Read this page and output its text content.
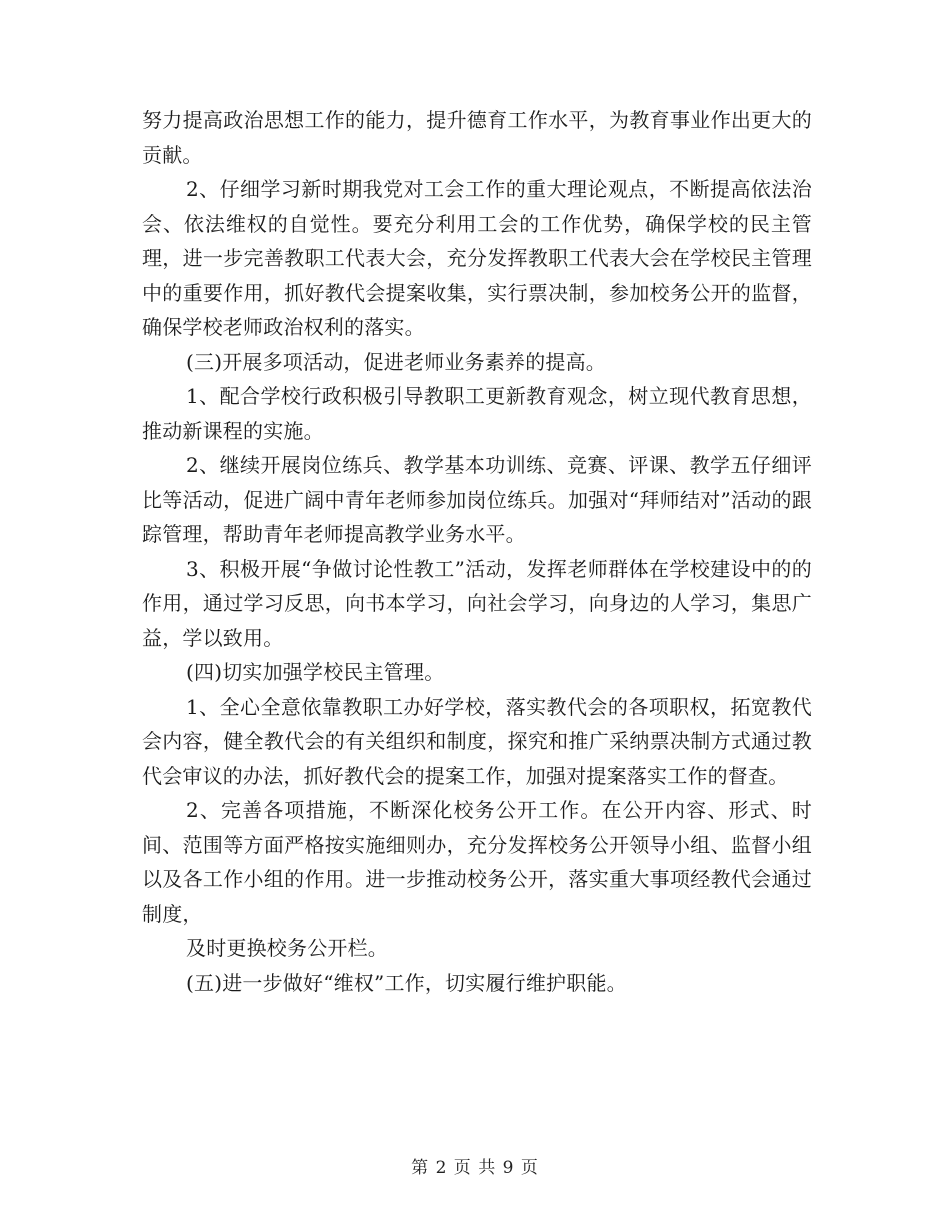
努力提高政治思想工作的能力，提升德育工作水平，为教育事业作出更大的贡献。

2、仔细学习新时期我党对工会工作的重大理论观点，不断提高依法治会、依法维权的自觉性。要充分利用工会的工作优势，确保学校的民主管理，进一步完善教职工代表大会，充分发挥教职工代表大会在学校民主管理中的重要作用，抓好教代会提案收集，实行票决制，参加校务公开的监督，确保学校老师政治权利的落实。

(三)开展多项活动，促进老师业务素养的提高。

1、配合学校行政积极引导教职工更新教育观念，树立现代教育思想，推动新课程的实施。

2、继续开展岗位练兵、教学基本功训练、竞赛、评课、教学五仔细评比等活动，促进广阔中青年老师参加岗位练兵。加强对“拜师结对”活动的跟踪管理，帮助青年老师提高教学业务水平。

3、积极开展“争做讨论性教工”活动，发挥老师群体在学校建设中的的作用，通过学习反思，向书本学习，向社会学习，向身边的人学习，集思广益，学以致用。

(四)切实加强学校民主管理。

1、全心全意依靠教职工办好学校，落实教代会的各项职权，拓宽教代会内容，健全教代会的有关组织和制度，探究和推广采纳票决制方式通过教代会审议的办法，抓好教代会的提案工作，加强对提案落实工作的督查。

2、完善各项措施，不断深化校务公开工作。在公开内容、形式、时间、范围等方面严格按实施细则办，充分发挥校务公开领导小组、监督小组以及各工作小组的作用。进一步推动校务公开，落实重大事项经教代会通过制度，

及时更换校务公开栏。

(五)进一步做好“维权”工作，切实履行维护职能。

第 2 页 共 9 页
